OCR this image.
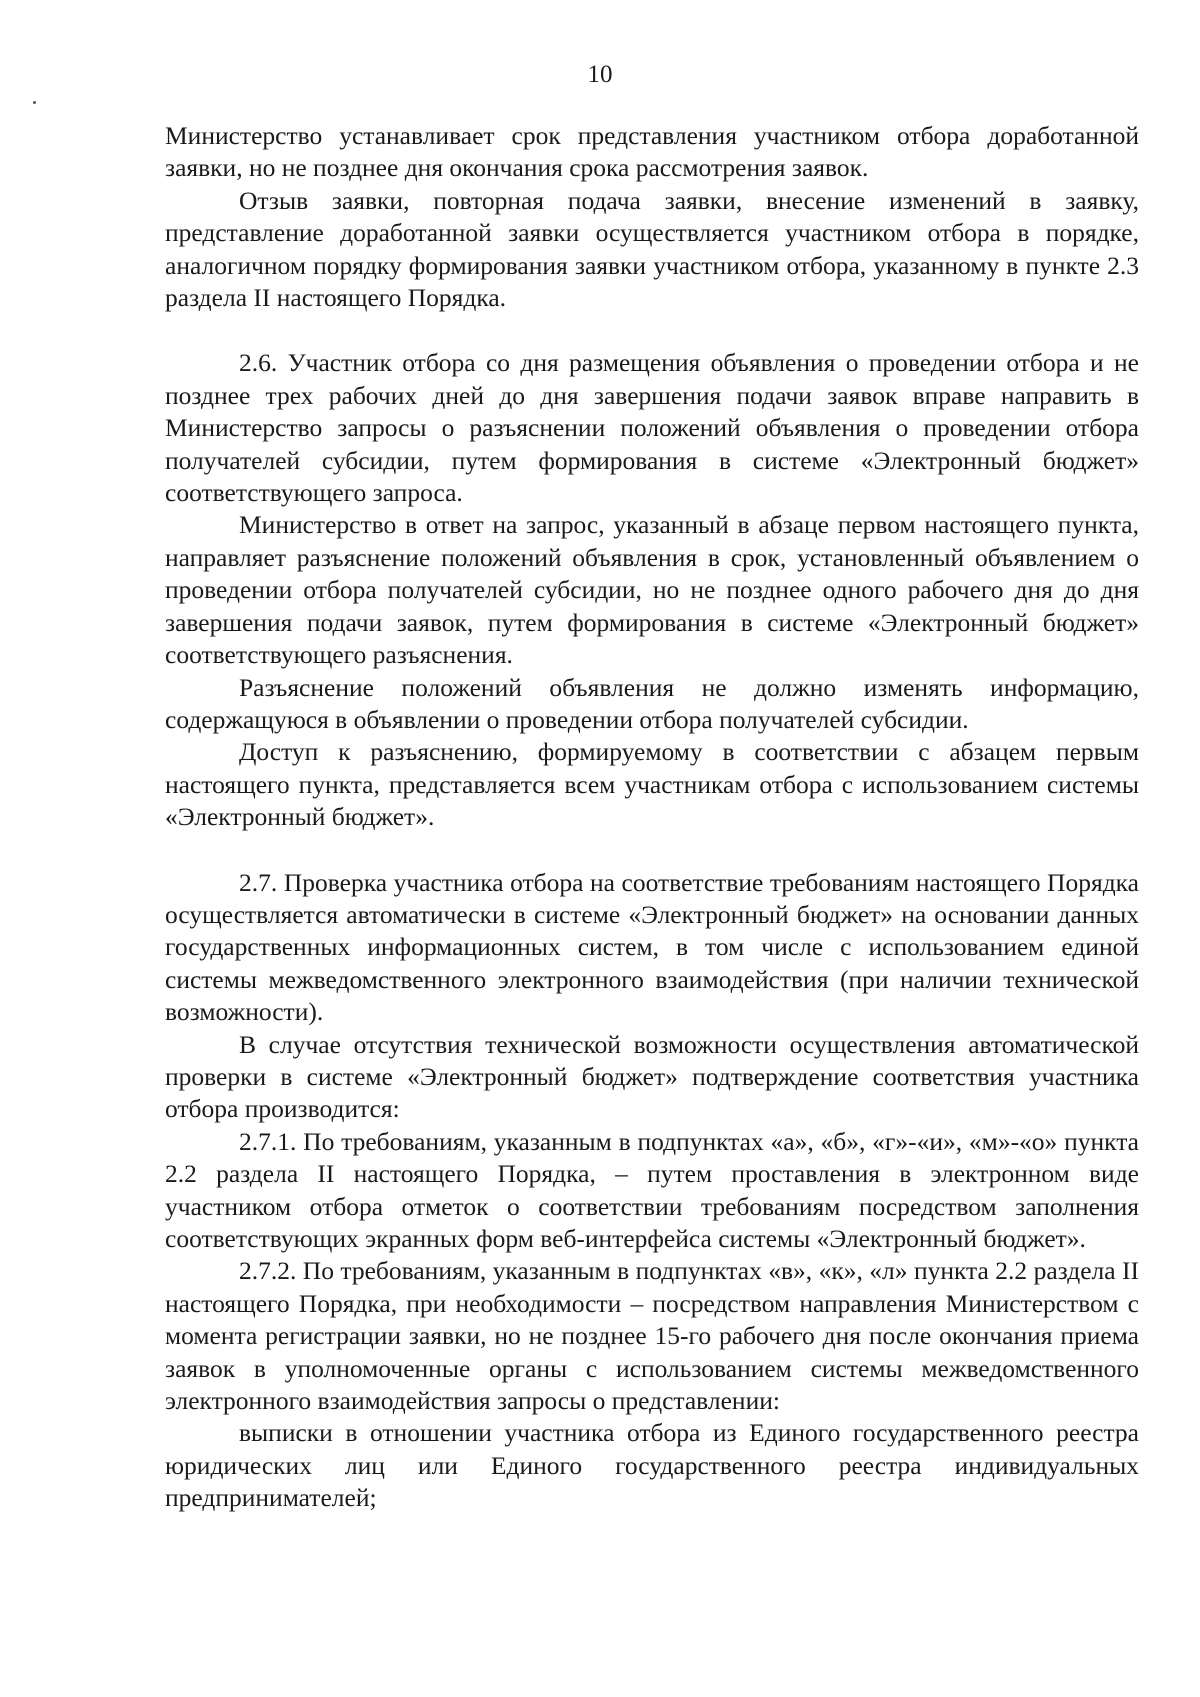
10

Министерство устанавливает срок представления участником отбора доработанной заявки, но не позднее дня окончания срока рассмотрения заявок.

Отзыв заявки, повторная подача заявки, внесение изменений в заявку, представление доработанной заявки осуществляется участником отбора в порядке, аналогичном порядку формирования заявки участником отбора, указанному в пункте 2.3 раздела II настоящего Порядка.

2.6. Участник отбора со дня размещения объявления о проведении отбора и не позднее трех рабочих дней до дня завершения подачи заявок вправе направить в Министерство запросы о разъяснении положений объявления о проведении отбора получателей субсидии, путем формирования в системе «Электронный бюджет» соответствующего запроса.

Министерство в ответ на запрос, указанный в абзаце первом настоящего пункта, направляет разъяснение положений объявления в срок, установленный объявлением о проведении отбора получателей субсидии, но не позднее одного рабочего дня до дня завершения подачи заявок, путем формирования в системе «Электронный бюджет» соответствующего разъяснения.

Разъяснение положений объявления не должно изменять информацию, содержащуюся в объявлении о проведении отбора получателей субсидии.

Доступ к разъяснению, формируемому в соответствии с абзацем первым настоящего пункта, представляется всем участникам отбора с использованием системы «Электронный бюджет».

2.7. Проверка участника отбора на соответствие требованиям настоящего Порядка осуществляется автоматически в системе «Электронный бюджет» на основании данных государственных информационных систем, в том числе с использованием единой системы межведомственного электронного взаимодействия (при наличии технической возможности).

В случае отсутствия технической возможности осуществления автоматической проверки в системе «Электронный бюджет» подтверждение соответствия участника отбора производится:

2.7.1. По требованиям, указанным в подпунктах «а», «б», «г»-«и», «м»-«о» пункта 2.2 раздела II настоящего Порядка, – путем проставления в электронном виде участником отбора отметок о соответствии требованиям посредством заполнения соответствующих экранных форм веб-интерфейса системы «Электронный бюджет».

2.7.2. По требованиям, указанным в подпунктах «в», «к», «л» пункта 2.2 раздела II настоящего Порядка, при необходимости – посредством направления Министерством с момента регистрации заявки, но не позднее 15-го рабочего дня после окончания приема заявок в уполномоченные органы с использованием системы межведомственного электронного взаимодействия запросы о представлении:

выписки в отношении участника отбора из Единого государственного реестра юридических лиц или Единого государственного реестра индивидуальных предпринимателей;
